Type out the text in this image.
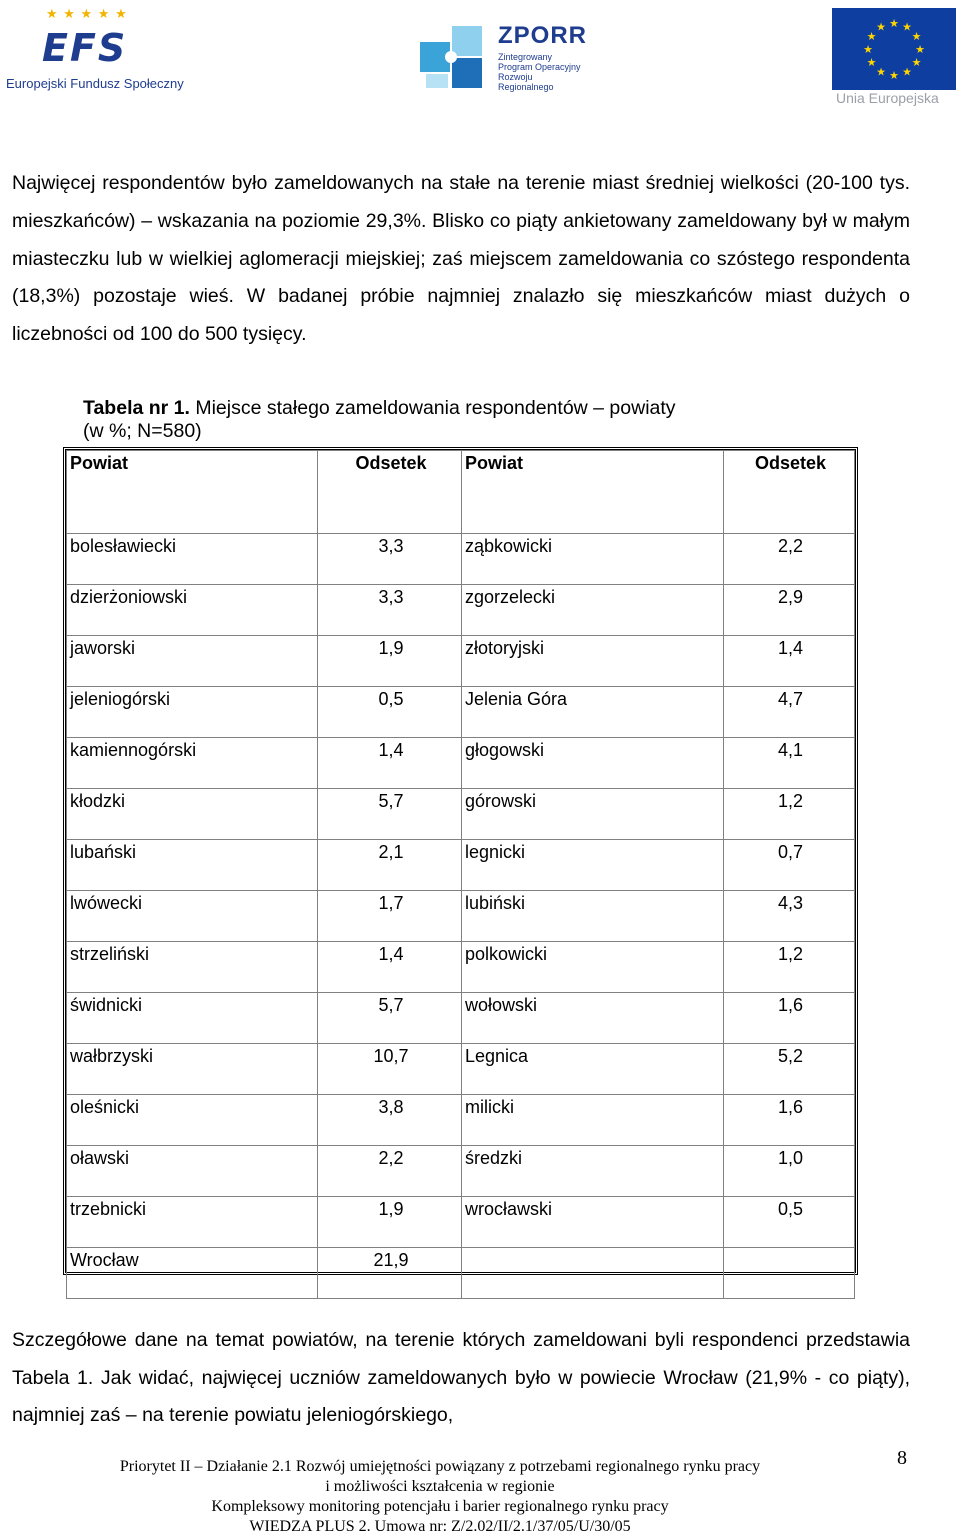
★ ★ ★ ★ ★
EFS
Europejski Fundusz Społeczny
ZPORR
Zintegrowany Program Operacyjny Rozwoju Regionalnego
★ ★
★
★
★
★
★
★
★
★
★
★
Unia Europejska

Najwięcej respondentów było zameldowanych na stałe na terenie miast średniej wielkości (20-100 tys. mieszkańców) – wskazania na poziomie 29,3%. Blisko co piąty ankietowany zameldowany był w małym miasteczku lub w wielkiej aglomeracji miejskiej; zaś miejscem zameldowania co szóstego respondenta (18,3%) pozostaje wieś. W badanej próbie najmniej znalazło się mieszkańców miast dużych o liczebności od 100 do 500 tysięcy.

Tabela nr 1. Miejsce stałego zameldowania respondentów – powiaty
(w %; N=580)

Powiat	Odsetek	Powiat	Odsetek
bolesławiecki	3,3	ząbkowicki	2,2
dzierżoniowski	3,3	zgorzelecki	2,9
jaworski	1,9	złotoryjski	1,4
jeleniogórski	0,5	Jelenia Góra	4,7
kamiennogórski	1,4	głogowski	4,1
kłodzki	5,7	górowski	1,2
lubański	2,1	legnicki	0,7
lwówecki	1,7	lubiński	4,3
strzeliński	1,4	polkowicki	1,2
świdnicki	5,7	wołowski	1,6
wałbrzyski	10,7	Legnica	5,2
oleśnicki	3,8	milicki	1,6
oławski	2,2	średzki	1,0
trzebnicki	1,9	wrocławski	0,5
Wrocław	21,9		

Szczegółowe dane na temat powiatów, na terenie których zameldowani byli respondenci przedstawia Tabela 1. Jak widać, najwięcej uczniów zameldowanych było w powiecie Wrocław (21,9% - co piąty), najmniej zaś – na terenie powiatu jeleniogórskiego,

Priorytet II – Działanie 2.1 Rozwój umiejętności powiązany z potrzebami regionalnego rynku pracy
i możliwości kształcenia w regionie
Kompleksowy monitoring potencjału i barier regionalnego rynku pracy
WIEDZA PLUS 2. Umowa nr: Z/2.02/II/2.1/37/05/U/30/05
8
